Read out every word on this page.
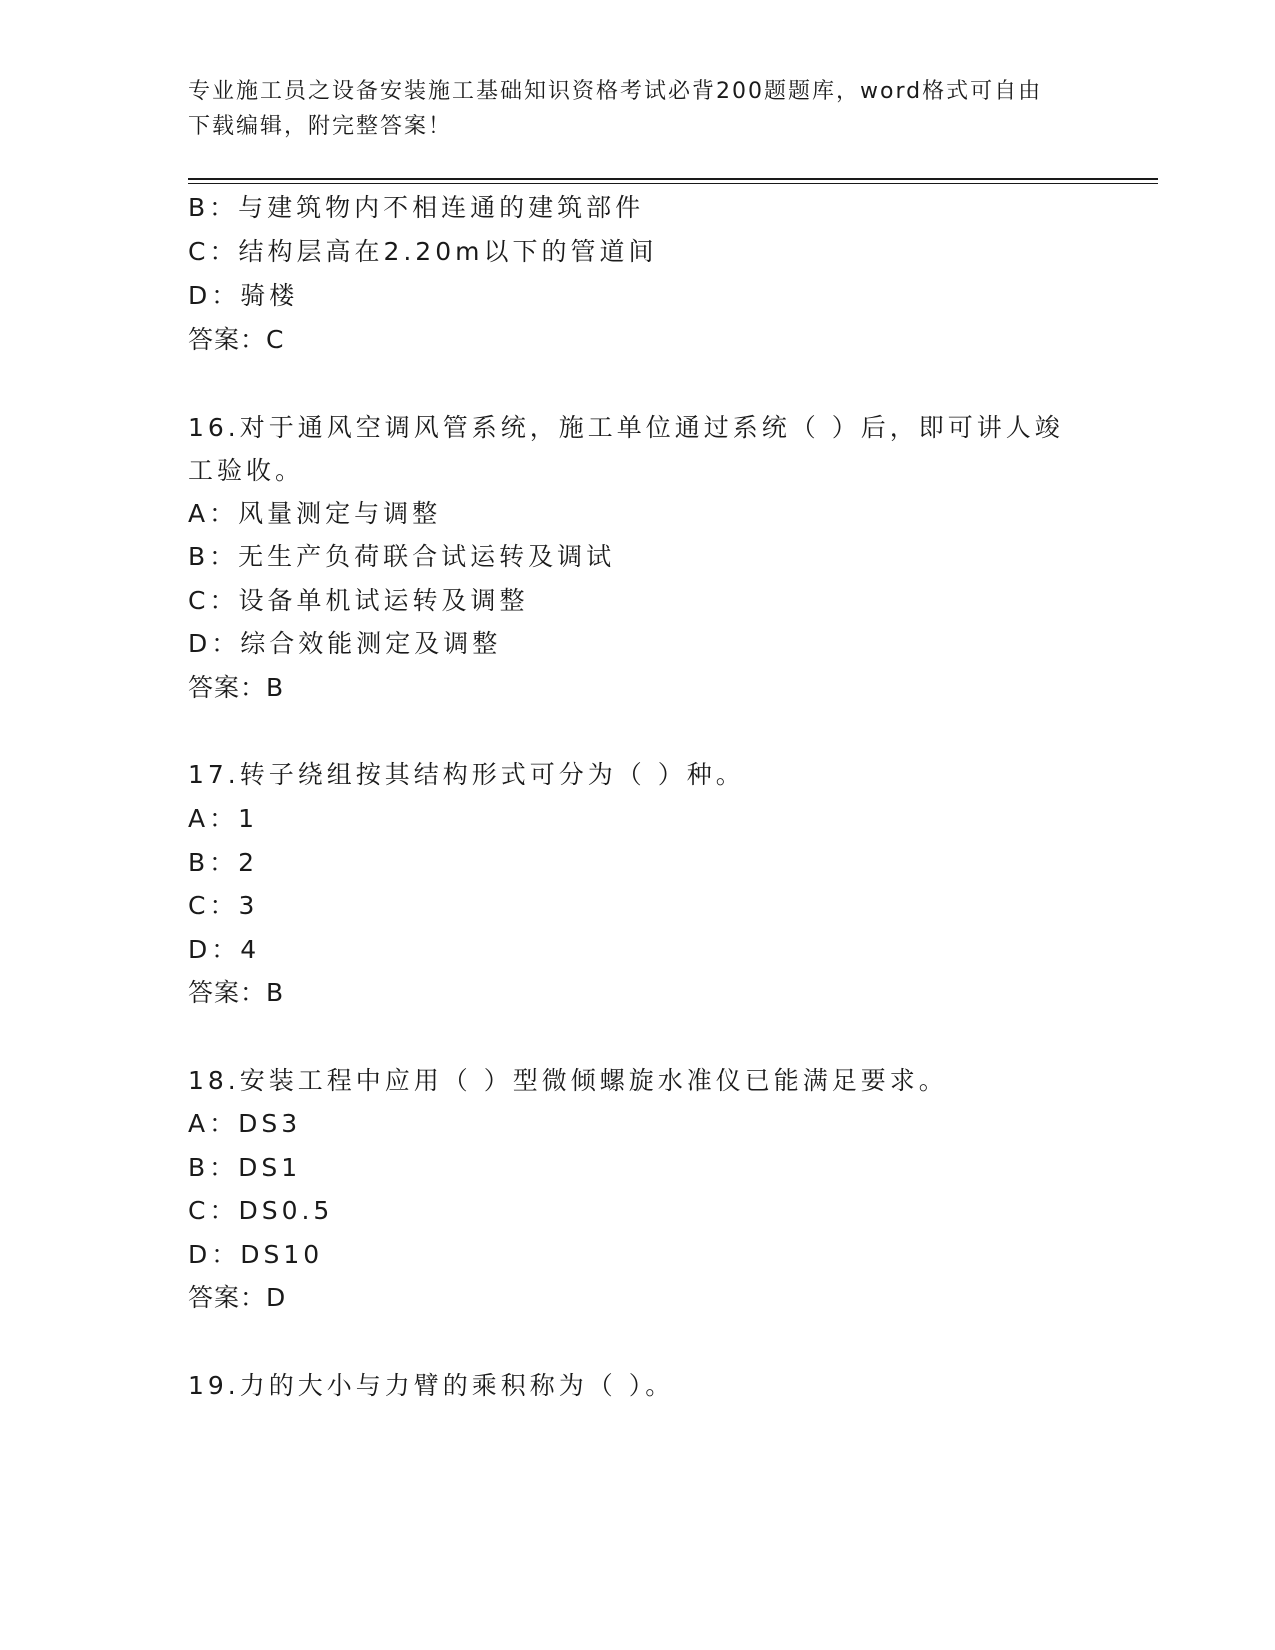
专业施工员之设备安装施工基础知识资格考试必背200题题库，word格式可自由
下载编辑，附完整答案！
B：与建筑物内不相连通的建筑部件
C：结构层高在2.20m以下的管道间
D：骑楼
答案：C
16.对于通风空调风管系统，施工单位通过系统（ ）后，即可讲人竣
工验收。
A：风量测定与调整
B：无生产负荷联合试运转及调试
C：设备单机试运转及调整
D：综合效能测定及调整
答案：B
17.转子绕组按其结构形式可分为（ ）种。
A：1
B：2
C：3
D：4
答案：B
18.安装工程中应用（ ）型微倾螺旋水准仪已能满足要求。
A：DS3
B：DS1
C：DS0.5
D：DS10
答案：D
19.力的大小与力臂的乘积称为（ ）。
